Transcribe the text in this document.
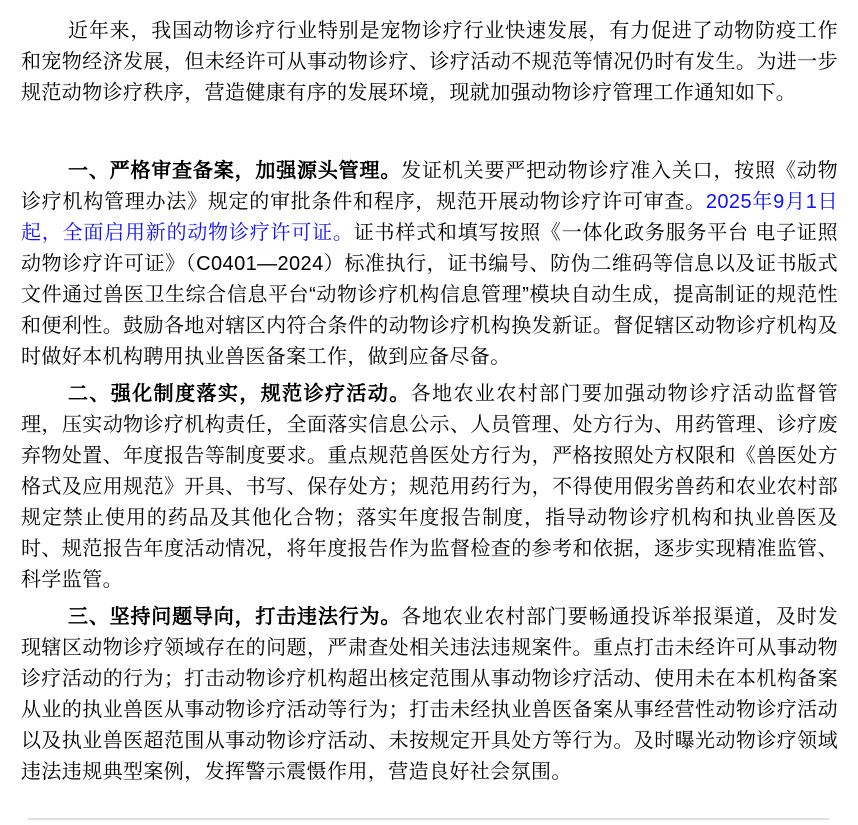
近年来，我国动物诊疗行业特别是宠物诊疗行业快速发展，有力促进了动物防疫工作和宠物经济发展，但未经许可从事动物诊疗、诊疗活动不规范等情况仍时有发生。为进一步规范动物诊疗秩序，营造健康有序的发展环境，现就加强动物诊疗管理工作通知如下。

一、严格审查备案，加强源头管理。发证机关要严把动物诊疗准入关口，按照《动物诊疗机构管理办法》规定的审批条件和程序，规范开展动物诊疗许可审查。2025年9月1日起，全面启用新的动物诊疗许可证。证书样式和填写按照《一体化政务服务平台 电子证照动物诊疗许可证》（C0401—2024）标准执行，证书编号、防伪二维码等信息以及证书版式文件通过兽医卫生综合信息平台“动物诊疗机构信息管理”模块自动生成，提高制证的规范性和便利性。鼓励各地对辖区内符合条件的动物诊疗机构换发新证。督促辖区动物诊疗机构及时做好本机构聘用执业兽医备案工作，做到应备尽备。

二、强化制度落实，规范诊疗活动。各地农业农村部门要加强动物诊疗活动监督管理，压实动物诊疗机构责任，全面落实信息公示、人员管理、处方行为、用药管理、诊疗废弃物处置、年度报告等制度要求。重点规范兽医处方行为，严格按照处方权限和《兽医处方格式及应用规范》开具、书写、保存处方；规范用药行为，不得使用假劣兽药和农业农村部规定禁止使用的药品及其他化合物；落实年度报告制度，指导动物诊疗机构和执业兽医及时、规范报告年度活动情况，将年度报告作为监督检查的参考和依据，逐步实现精准监管、科学监管。

三、坚持问题导向，打击违法行为。各地农业农村部门要畅通投诉举报渠道，及时发现辖区动物诊疗领域存在的问题，严肃查处相关违法违规案件。重点打击未经许可从事动物诊疗活动的行为；打击动物诊疗机构超出核定范围从事动物诊疗活动、使用未在本机构备案从业的执业兽医从事动物诊疗活动等行为；打击未经执业兽医备案从事经营性动物诊疗活动以及执业兽医超范围从事动物诊疗活动、未按规定开具处方等行为。及时曝光动物诊疗领域违法违规典型案例，发挥警示震慑作用，营造良好社会氛围。
